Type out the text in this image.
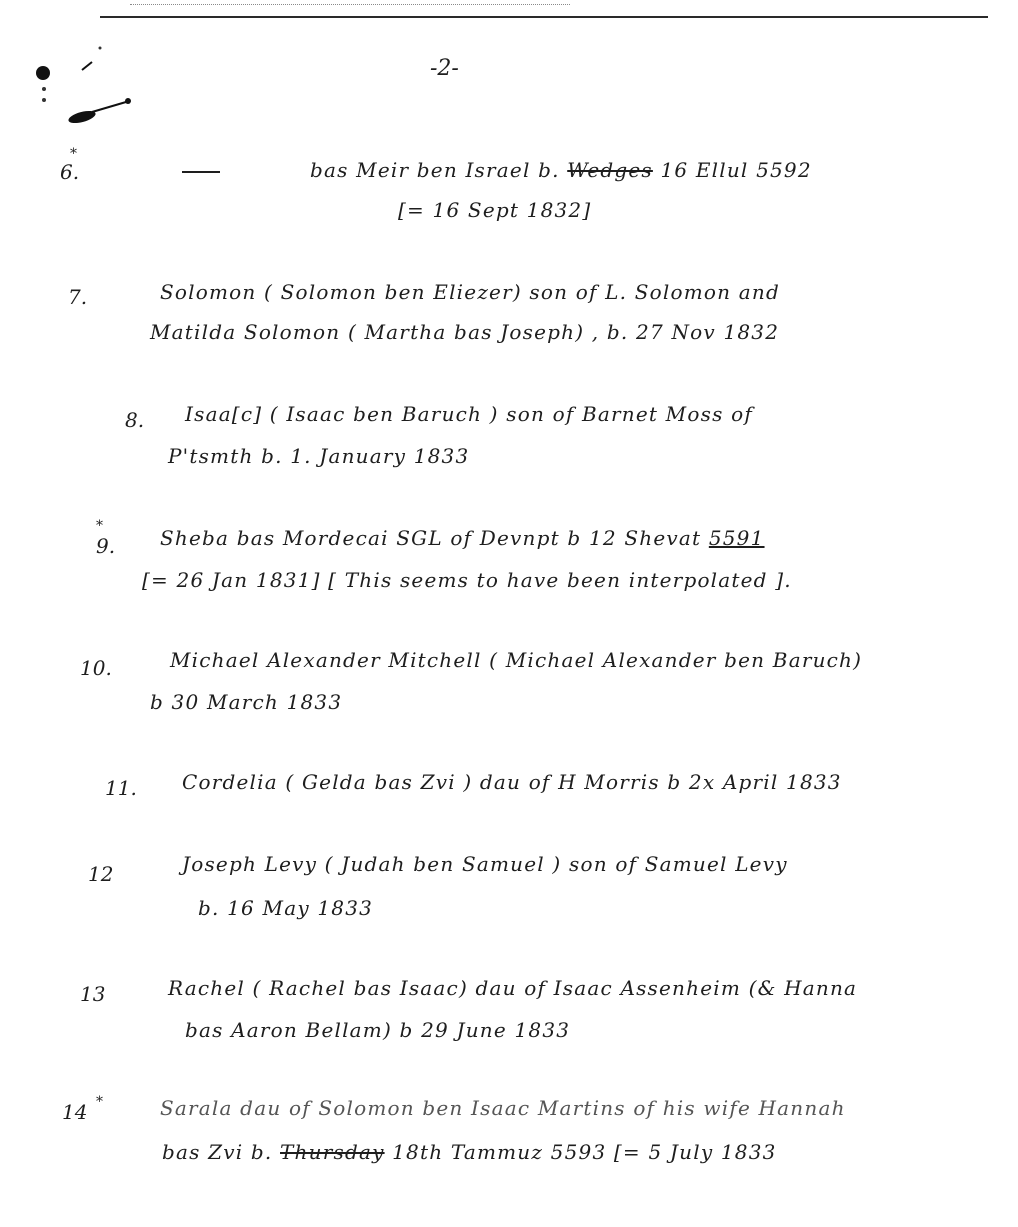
-2-
6.
*
bas Meir ben Israel b. Wedges 16 Ellul 5592
[= 16 Sept 1832]
7.	Solomon ( Solomon ben Eliezer) son of L. Solomon and
Matilda Solomon ( Martha bas Joseph) , b. 27 Nov 1832
8. Isaa[c] ( Isaac ben Baruch ) son of Barnet Moss of
P'tsmth b. 1. January 1833
9.
*	Sheba bas Mordecai SGL of Devnpt b 12 Shevat 5591
[= 26 Jan 1831] [ This seems to have been interpolated ].
10.	Michael Alexander Mitchell ( Michael Alexander ben Baruch)
b 30 March 1833
11. Cordelia ( Gelda bas Zvi ) dau of H Morris b 2x April 1833
12	Joseph Levy ( Judah ben Samuel ) son of Samuel Levy
b. 16 May 1833
13	Rachel ( Rachel bas Isaac) dau of Isaac Assenheim (& Hanna
bas Aaron Bellam) b 29 June 1833
14 *	Sarala dau of Solomon ben Isaac Martins of his wife Hannah
bas Zvi b. Thursday 18th Tammuz 5593 [= 5 July 1833
